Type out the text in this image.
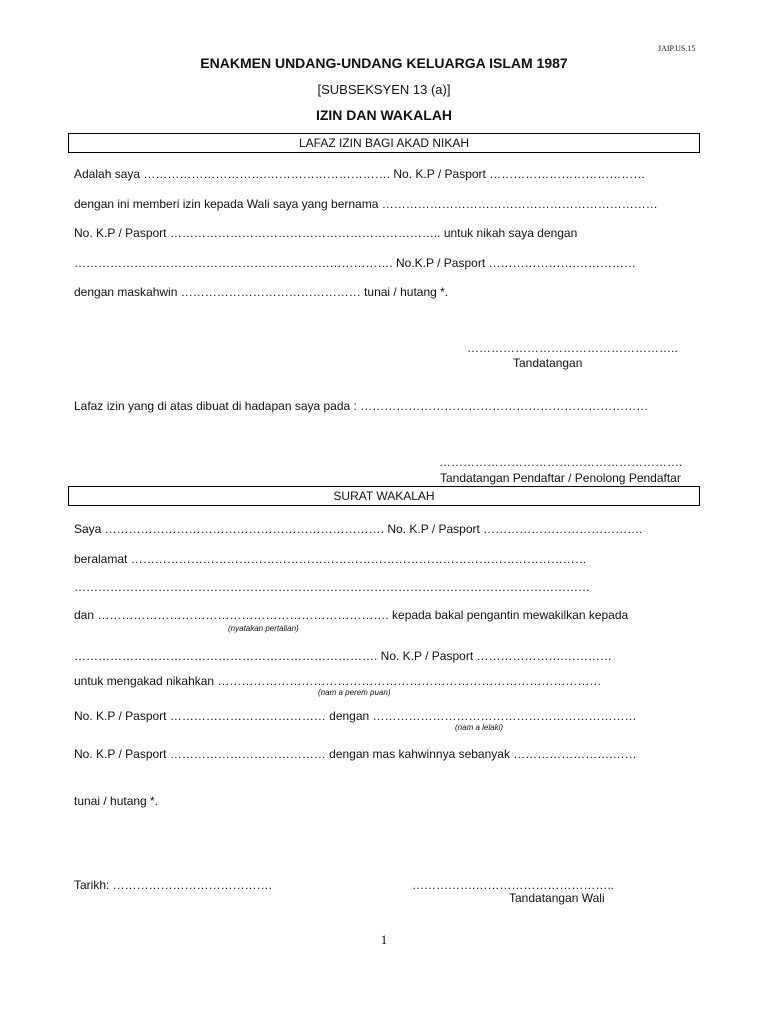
JAIP.US.15
ENAKMEN UNDANG-UNDANG KELUARGA ISLAM 1987
[SUBSEKSYEN 13 (a)]
IZIN DAN WAKALAH
LAFAZ IZIN BAGI AKAD NIKAH
Adalah saya ………………………….…………………………. No. K.P / Pasport …………………………………
dengan ini memberi izin kepada Wali saya yang bernama ……………………………………………………………
No. K.P / Pasport ………………………………………………………….. untuk nikah saya dengan
……………………………………………………….……………. No.K.P / Pasport ………………….……………
dengan maskahwin ……………………………………… tunai / hutang *.
……………………………………………..
Tandatangan
Lafaz izin yang di atas dibuat di hadapan saya pada : ………………………………………………………………
…………………………………………………….
Tandatangan Pendaftar / Penolong Pendaftar
SURAT WAKALAH
Saya ……………………………………………………………. No. K.P / Pasport ………………………………….
beralamat ……………………………………………………………………………………………………
…………………………………………………………………………………………………………………
dan ………………………………………………………………. kepada bakal pengantin mewakilkan kepada
(nyatakan pertalian)
…………………………………………………………………. No. K.P / Pasport ………………….…………
untuk mengakad nikahkan ……………………………………………………………………………………
(nam a perem puan)
No. K.P / Pasport ………………………………… dengan …………………………………………………………
(nam a lelaki)
No. K.P / Pasport ………………………………… dengan mas kahwinnya sebanyak …………………….……
tunai / hutang *.
Tarikh: ………………………………….	…………….……………………………..
Tandatangan Wali
1
